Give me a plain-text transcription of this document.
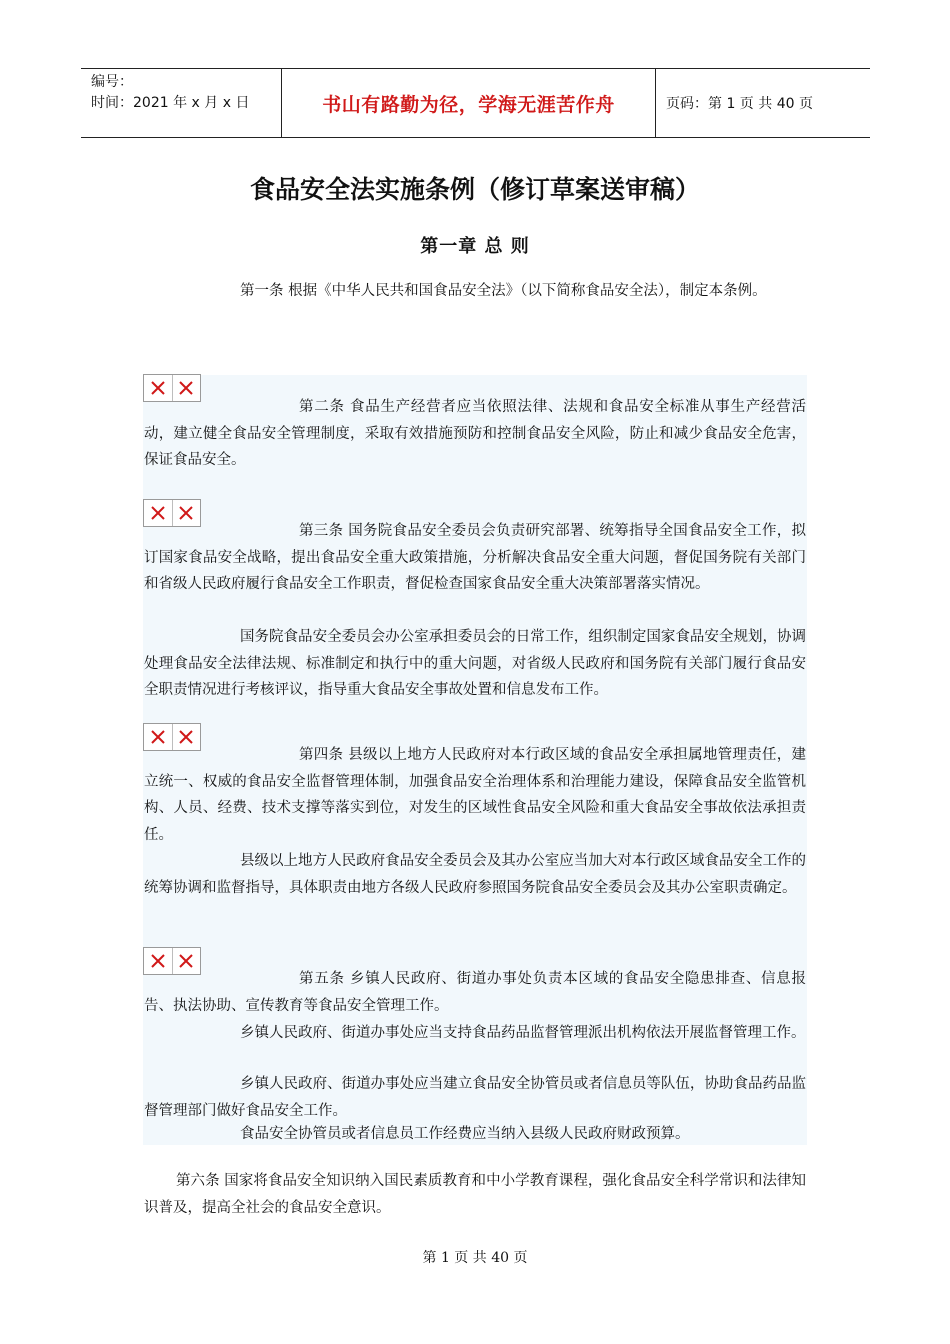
编号：
时间：2021 年 x 月 x 日	书山有路勤为径，学海无涯苦作舟	页码：第 1 页 共 40 页
食品安全法实施条例（修订草案送审稿）
第一章 总 则

第一条 根据《中华人民共和国食品安全法》（以下简称食品安全法），制定本条例。

第二条 食品生产经营者应当依照法律、法规和食品安全标准从事生产经营活动，建立健全食品安全管理制度，采取有效措施预防和控制食品安全风险，防止和减少食品安全危害，保证食品安全。

第三条 国务院食品安全委员会负责研究部署、统筹指导全国食品安全工作，拟订国家食品安全战略，提出食品安全重大政策措施，分析解决食品安全重大问题，督促国务院有关部门和省级人民政府履行食品安全工作职责，督促检查国家食品安全重大决策部署落实情况。

国务院食品安全委员会办公室承担委员会的日常工作，组织制定国家食品安全规划，协调处理食品安全法律法规、标准制定和执行中的重大问题，对省级人民政府和国务院有关部门履行食品安全职责情况进行考核评议，指导重大食品安全事故处置和信息发布工作。

第四条 县级以上地方人民政府对本行政区域的食品安全承担属地管理责任，建立统一、权威的食品安全监督管理体制，加强食品安全治理体系和治理能力建设，保障食品安全监管机构、人员、经费、技术支撑等落实到位，对发生的区域性食品安全风险和重大食品安全事故依法承担责任。

县级以上地方人民政府食品安全委员会及其办公室应当加大对本行政区域食品安全工作的统筹协调和监督指导，具体职责由地方各级人民政府参照国务院食品安全委员会及其办公室职责确定。

第五条 乡镇人民政府、街道办事处负责本区域的食品安全隐患排查、信息报告、执法协助、宣传教育等食品安全管理工作。

乡镇人民政府、街道办事处应当支持食品药品监督管理派出机构依法开展监督管理工作。

乡镇人民政府、街道办事处应当建立食品安全协管员或者信息员等队伍，协助食品药品监督管理部门做好食品安全工作。

食品安全协管员或者信息员工作经费应当纳入县级人民政府财政预算。

第六条 国家将食品安全知识纳入国民素质教育和中小学教育课程，强化食品安全科学常识和法律知识普及，提高全社会的食品安全意识。

第 1 页 共 40 页
